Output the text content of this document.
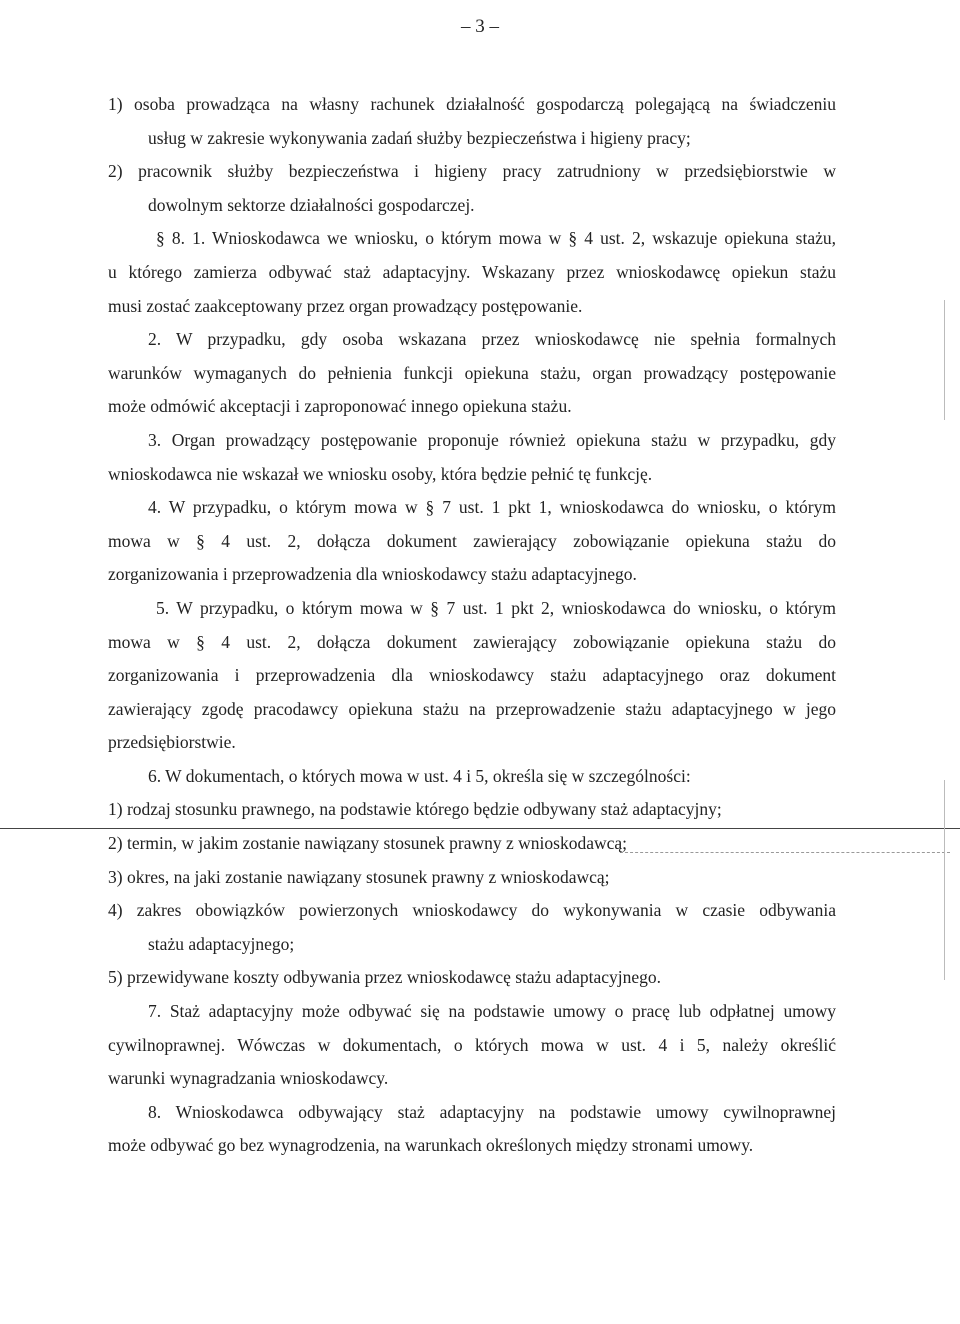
– 3 –
1) osoba prowadząca na własny rachunek działalność gospodarczą polegającą na świadczeniu
usług w zakresie wykonywania zadań służby bezpieczeństwa i higieny pracy;
2) pracownik służby bezpieczeństwa i higieny pracy zatrudniony w przedsiębiorstwie w
dowolnym sektorze działalności gospodarczej.
§ 8. 1. Wnioskodawca we wniosku, o którym mowa w § 4 ust. 2, wskazuje opiekuna stażu,
u którego zamierza odbywać staż adaptacyjny. Wskazany przez wnioskodawcę opiekun stażu
musi zostać zaakceptowany przez organ prowadzący postępowanie.
2. W przypadku, gdy osoba wskazana przez wnioskodawcę nie spełnia formalnych
warunków wymaganych do pełnienia funkcji opiekuna stażu, organ prowadzący postępowanie
może odmówić akceptacji i zaproponować innego opiekuna stażu.
3. Organ prowadzący postępowanie proponuje również opiekuna stażu w przypadku, gdy
wnioskodawca nie wskazał we wniosku osoby, która będzie pełnić tę funkcję.
4. W przypadku, o którym mowa w § 7 ust. 1 pkt 1, wnioskodawca do wniosku, o którym
mowa w § 4 ust. 2, dołącza dokument zawierający zobowiązanie opiekuna stażu do
zorganizowania i przeprowadzenia dla wnioskodawcy stażu adaptacyjnego.
5. W przypadku, o którym mowa w § 7 ust. 1 pkt 2, wnioskodawca do wniosku, o którym
mowa w § 4 ust. 2, dołącza dokument zawierający zobowiązanie opiekuna stażu do
zorganizowania i przeprowadzenia dla wnioskodawcy stażu adaptacyjnego oraz dokument
zawierający zgodę pracodawcy opiekuna stażu na przeprowadzenie stażu adaptacyjnego w jego
przedsiębiorstwie.
6. W dokumentach, o których mowa w ust. 4 i 5, określa się w szczególności:
1) rodzaj stosunku prawnego, na podstawie którego będzie odbywany staż adaptacyjny;
2) termin, w jakim zostanie nawiązany stosunek prawny z wnioskodawcą;
3) okres, na jaki zostanie nawiązany stosunek prawny z wnioskodawcą;
4) zakres obowiązków powierzonych wnioskodawcy do wykonywania w czasie odbywania
stażu adaptacyjnego;
5) przewidywane koszty odbywania przez wnioskodawcę stażu adaptacyjnego.
7. Staż adaptacyjny może odbywać się na podstawie umowy o pracę lub odpłatnej umowy
cywilnoprawnej. Wówczas w dokumentach, o których mowa w ust. 4 i 5, należy określić
warunki wynagradzania wnioskodawcy.
8. Wnioskodawca odbywający staż adaptacyjny na podstawie umowy cywilnoprawnej
może odbywać go bez wynagrodzenia, na warunkach określonych między stronami umowy.
